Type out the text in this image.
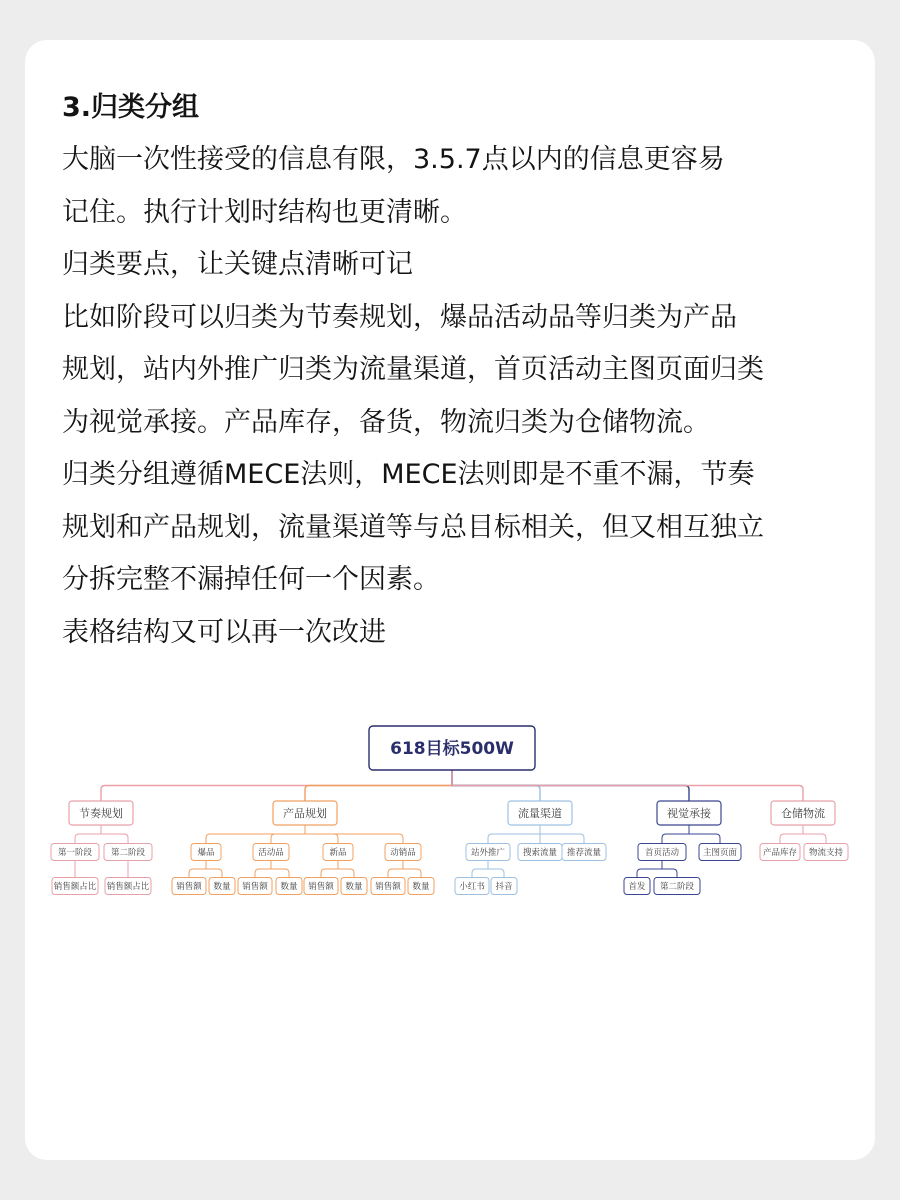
3.归类分组
大脑一次性接受的信息有限，3.5.7点以内的信息更容易
记住。执行计划时结构也更清晰。
归类要点，让关键点清晰可记
比如阶段可以归类为节奏规划，爆品活动品等归类为产品
规划，站内外推广归类为流量渠道，首页活动主图页面归类
为视觉承接。产品库存，备货，物流归类为仓储物流。
归类分组遵循MECE法则，MECE法则即是不重不漏，节奏
规划和产品规划，流量渠道等与总目标相关，但又相互独立
分拆完整不漏掉任何一个因素。
表格结构又可以再一次改进
618目标500W
节奏规划
第一阶段
销售额占比
第二阶段
销售额占比
产品规划
爆品
销售额 数量
活动品
销售额 数量
新品
销售额 数量
动销品
销售额 数量
流量渠道
站外推广
小红书 抖音
搜索流量 推荐流量
视觉承接
首页活动
首发 第二阶段
主图页面
仓储物流
产品库存 物流支持
